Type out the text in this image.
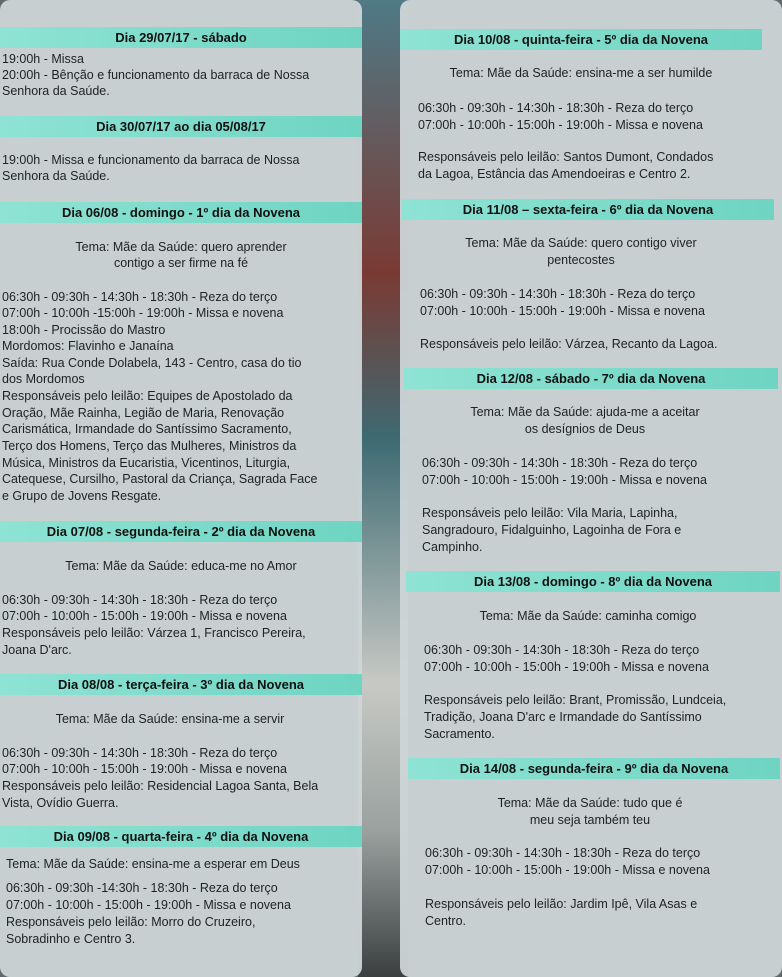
Dia 29/07/17 - sábado
19:00h - Missa
20:00h - Bênção e funcionamento da barraca de Nossa
Senhora da Saúde.
Dia 30/07/17 ao dia 05/08/17
19:00h - Missa e funcionamento da barraca de Nossa
Senhora da Saúde.
Dia 06/08 - domingo - 1º dia da Novena
Tema: Mãe da Saúde: quero aprender
contigo a ser firme na fé
06:30h - 09:30h - 14:30h - 18:30h - Reza do terço
07:00h - 10:00h -15:00h - 19:00h - Missa e novena
18:00h - Procissão do Mastro
Mordomos: Flavinho e Janaína
Saída: Rua Conde Dolabela, 143 - Centro, casa do tio
dos Mordomos
Responsáveis pelo leilão: Equipes de Apostolado da
Oração, Mãe Rainha, Legião de Maria, Renovação
Carismática, Irmandade do Santíssimo Sacramento,
Terço dos Homens, Terço das Mulheres, Ministros da
Música, Ministros da Eucaristia, Vicentinos, Liturgia,
Catequese, Cursilho, Pastoral da Criança, Sagrada Face
e Grupo de Jovens Resgate.
Dia 07/08 - segunda-feira - 2º dia da Novena
Tema: Mãe da Saúde: educa-me no Amor
06:30h - 09:30h - 14:30h - 18:30h - Reza do terço
07:00h - 10:00h - 15:00h - 19:00h - Missa e novena
Responsáveis pelo leilão: Várzea 1, Francisco Pereira,
Joana D'arc.
Dia 08/08 - terça-feira - 3º dia da Novena
Tema: Mãe da Saúde: ensina-me a servir
06:30h - 09:30h - 14:30h - 18:30h - Reza do terço
07:00h - 10:00h - 15:00h - 19:00h - Missa e novena
Responsáveis pelo leilão: Residencial Lagoa Santa, Bela
Vista, Ovídio Guerra.
Dia 09/08 - quarta-feira - 4º dia da Novena
Tema: Mãe da Saúde: ensina-me a esperar em Deus
06:30h - 09:30h -14:30h - 18:30h - Reza do terço
07:00h - 10:00h - 15:00h - 19:00h - Missa e novena
Responsáveis pelo leilão: Morro do Cruzeiro,
Sobradinho e Centro 3.
Dia 10/08 - quinta-feira - 5º dia da Novena
Tema: Mãe da Saúde: ensina-me a ser humilde
06:30h - 09:30h - 14:30h - 18:30h - Reza do terço
07:00h - 10:00h - 15:00h - 19:00h - Missa e novena
Responsáveis pelo leilão: Santos Dumont, Condados
da Lagoa, Estância das Amendoeiras e Centro 2.
Dia 11/08 – sexta-feira - 6º dia da Novena
Tema: Mãe da Saúde: quero contigo viver
pentecostes
06:30h - 09:30h - 14:30h - 18:30h - Reza do terço
07:00h - 10:00h - 15:00h - 19:00h - Missa e novena
Responsáveis pelo leilão: Várzea, Recanto da Lagoa.
Dia 12/08 - sábado - 7º dia da Novena
Tema: Mãe da Saúde: ajuda-me a aceitar
os desígnios de Deus
06:30h - 09:30h - 14:30h - 18:30h - Reza do terço
07:00h - 10:00h - 15:00h - 19:00h - Missa e novena
Responsáveis pelo leilão: Vila Maria, Lapinha,
Sangradouro, Fidalguinho, Lagoinha de Fora e
Campinho.
Dia 13/08 - domingo - 8º dia da Novena
Tema: Mãe da Saúde: caminha comigo
06:30h - 09:30h - 14:30h - 18:30h - Reza do terço
07:00h - 10:00h - 15:00h - 19:00h - Missa e novena
Responsáveis pelo leilão: Brant, Promissão, Lundceia,
Tradição, Joana D'arc e Irmandade do Santíssimo
Sacramento.
Dia 14/08 - segunda-feira - 9º dia da Novena
Tema: Mãe da Saúde: tudo que é
meu seja também teu
06:30h - 09:30h - 14:30h - 18:30h - Reza do terço
07:00h - 10:00h - 15:00h - 19:00h - Missa e novena
Responsáveis pelo leilão: Jardim Ipê, Vila Asas e
Centro.
